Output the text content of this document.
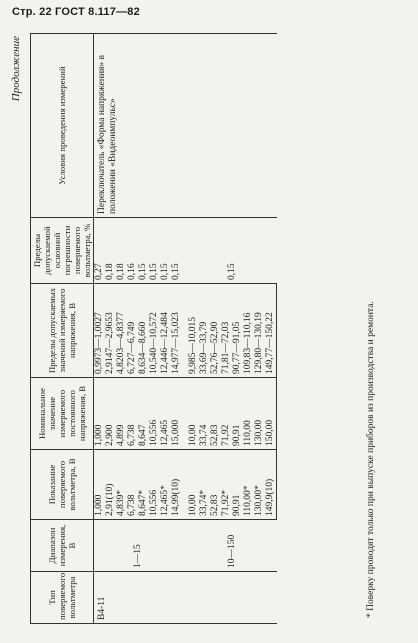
Стр. 22 ГОСТ 8.117—82
Продолжение
Тип поверяемого вольтметра	Диапазон измерения, В	Показание поверяемого вольтметра, В	Номинальное значение измеряемого постоянного напряжения, В	Пределы допускаемых значений измеряемого напряжения, В	Пределы допускаемой основной погрешности поверяемого вольтметра, %	Условия проведения измерений
B4-11	1—15	1,000	1,000	0,9973—1,0027	0,27	Переключатель «Форма напряжения» в положении «Видеоимпульс»
		2,91(10)	2,900	2,9147—2,9653	0,18	
		4,839*	4,899	4,8203—4,8377	0,18	
		6,738	6,738	6,727—6,749	0,16	
		8,647*	8,647	8,634—8,660	0,15	
		10,556	10,556	10,540—10,572	0,15	
		12,465*	12,465	12,446—12,484	0,15	
		14,99(10)	15,000	14,977—15,023	0,15	

	10—150	10,00	10,00	9,985—10,015	0,15	
		33,74*	33,74	33,69—33,79		
		52,83	52,83	52,76—52,90		
		71,92*	71,92	71,81—72,03		
		90,91	90,91	90,77—91,05		
		110,00*	110,00	109,83—110,16		
		130,00*	130,00	129,80—130,19		
		149,9(10)	150,00	149,77—150,22			* Поверку проводят только при выпуске приборов из производства и ремонта.
